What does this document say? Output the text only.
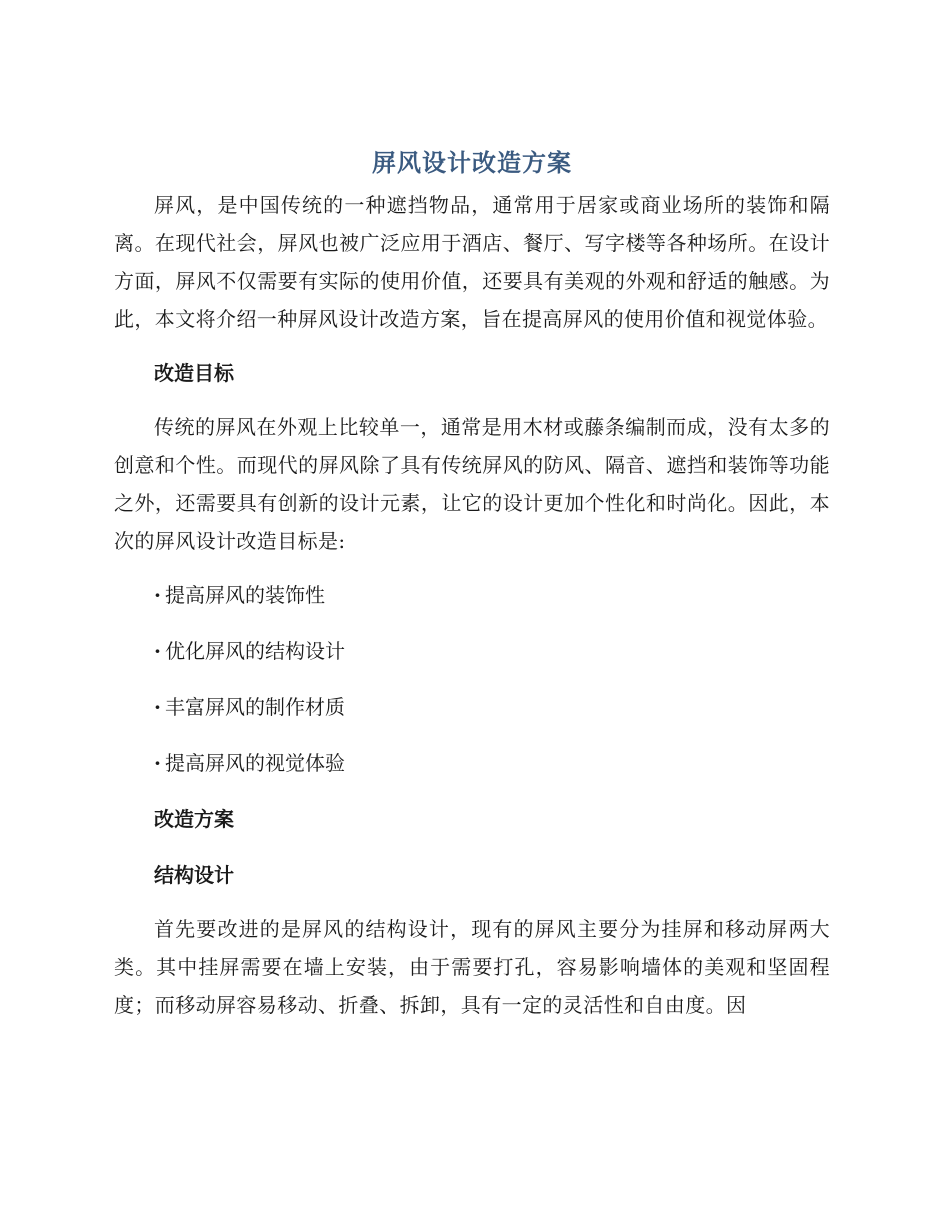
屏风设计改造方案

屏风，是中国传统的一种遮挡物品，通常用于居家或商业场所的装饰和隔离。在现代社会，屏风也被广泛应用于酒店、餐厅、写字楼等各种场所。在设计方面，屏风不仅需要有实际的使用价值，还要具有美观的外观和舒适的触感。为此，本文将介绍一种屏风设计改造方案，旨在提高屏风的使用价值和视觉体验。

改造目标

传统的屏风在外观上比较单一，通常是用木材或藤条编制而成，没有太多的创意和个性。而现代的屏风除了具有传统屏风的防风、隔音、遮挡和装饰等功能之外，还需要具有创新的设计元素，让它的设计更加个性化和时尚化。因此，本次的屏风设计改造目标是:

· 提高屏风的装饰性

· 优化屏风的结构设计

· 丰富屏风的制作材质

· 提高屏风的视觉体验

改造方案
结构设计

首先要改进的是屏风的结构设计，现有的屏风主要分为挂屏和移动屏两大类。其中挂屏需要在墙上安装，由于需要打孔，容易影响墙体的美观和坚固程度；而移动屏容易移动、折叠、拆卸，具有一定的灵活性和自由度。因
